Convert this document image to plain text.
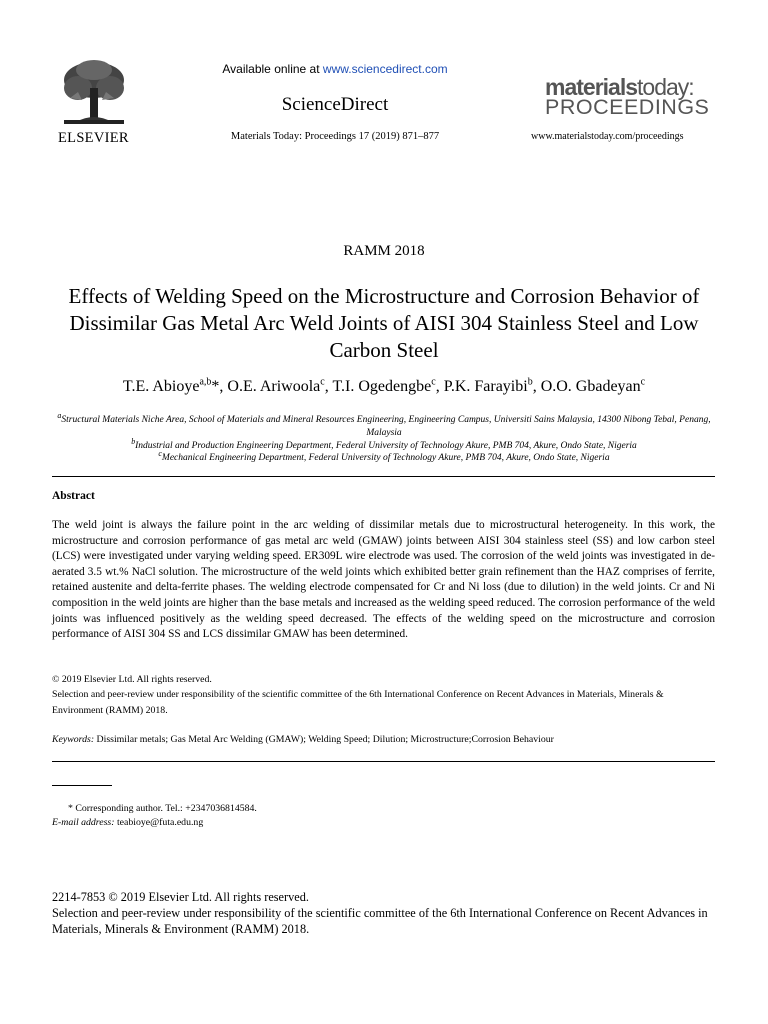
ELSEVIER
Available online at www.sciencedirect.com
ScienceDirect
Materials Today: Proceedings 17 (2019) 871–877
materialstoday:
PROCEEDINGS
www.materialstoday.com/proceedings
RAMM 2018
Effects of Welding Speed on the Microstructure and Corrosion Behavior of Dissimilar Gas Metal Arc Weld Joints of AISI 304 Stainless Steel and Low Carbon Steel
T.E. Abioye$^{a,b}$*, O.E. Ariwoola$^c$, T.I. Ogedengbe$^c$, P.K. Farayibi$^b$, O.O. Gbadeyan$^c$
$^a$Structural Materials Niche Area, School of Materials and Mineral Resources Engineering, Engineering Campus, Universiti Sains Malaysia, 14300 Nibong Tebal, Penang, Malaysia
$^b$Industrial and Production Engineering Department, Federal University of Technology Akure, PMB 704, Akure, Ondo State, Nigeria
$^c$Mechanical Engineering Department, Federal University of Technology Akure, PMB 704, Akure, Ondo State, Nigeria
Abstract
The weld joint is always the failure point in the arc welding of dissimilar metals due to microstructural heterogeneity. In this work, the microstructure and corrosion performance of gas metal arc weld (GMAW) joints between AISI 304 stainless steel (SS) and low carbon steel (LCS) were investigated under varying welding speed. ER309L wire electrode was used. The corrosion of the weld joints was investigated in de-aerated 3.5 wt.% NaCl solution. The microstructure of the weld joints which exhibited better grain refinement than the HAZ comprises of ferrite, retained austenite and delta-ferrite phases. The welding electrode compensated for Cr and Ni loss (due to dilution) in the weld joints. Cr and Ni composition in the weld joints are higher than the base metals and increased as the welding speed reduced. The corrosion performance of the weld joints was influenced positively as the welding speed decreased. The effects of the welding speed on the microstructure and corrosion performance of AISI 304 SS and LCS dissimilar GMAW has been determined.
© 2019 Elsevier Ltd. All rights reserved.
Selection and peer-review under responsibility of the scientific committee of the 6th International Conference on Recent Advances in Materials, Minerals & Environment (RAMM) 2018.
Keywords: Dissimilar metals; Gas Metal Arc Welding (GMAW); Welding Speed; Dilution; Microstructure;Corrosion Behaviour
* Corresponding author. Tel.: +2347036814584.
E-mail address: teabioye@futa.edu.ng
2214-7853 © 2019 Elsevier Ltd. All rights reserved.
Selection and peer-review under responsibility of the scientific committee of the 6th International Conference on Recent Advances in Materials, Minerals & Environment (RAMM) 2018.
